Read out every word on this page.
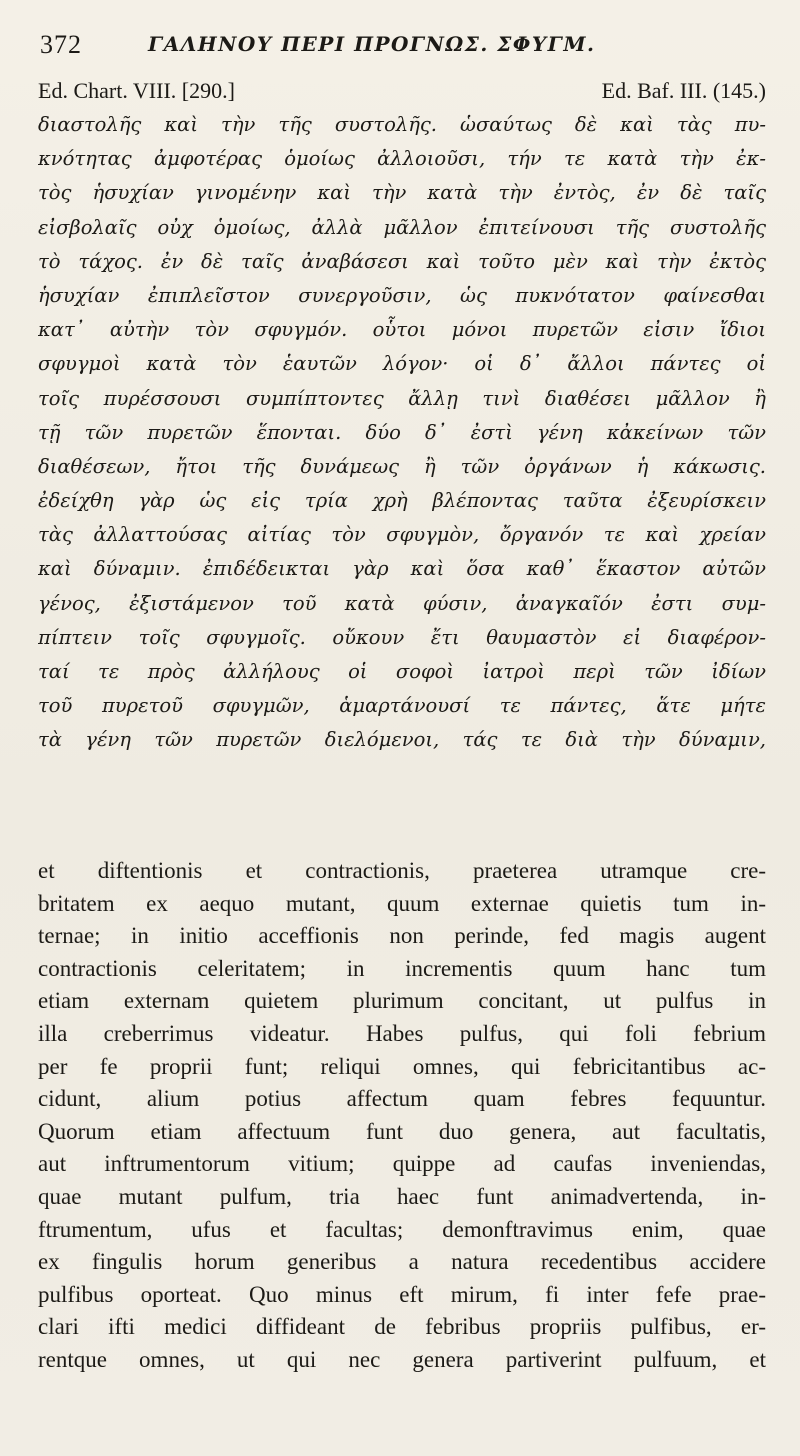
372	ΓΑΛΗΝΟΥ ΠΕΡΙ ΠΡΟΓΝΩΣ. ΣΦΥΓΜ.
Ed. Chart. VIII. [290.]	Ed. Baf. III. (145.)
διαστολῆς καὶ τὴν τῆς συστολῆς. ὡσαύτως δὲ καὶ τὰς πυ-
κνότητας ἀμφοτέρας ὁμοίως ἀλλοιοῦσι, τήν τε κατὰ τὴν ἐκ-
τὸς ἡσυχίαν γινομένην καὶ τὴν κατὰ τὴν ἐντὸς, ἐν δὲ ταῖς
εἰσβολαῖς οὐχ ὁμοίως, ἀλλὰ μᾶλλον ἐπιτείνουσι τῆς συστολῆς
τὸ τάχος. ἐν δὲ ταῖς ἀναβάσεσι καὶ τοῦτο μὲν καὶ τὴν ἐκτὸς
ἡσυχίαν ἐπιπλεῖστον συνεργοῦσιν, ὡς πυκνότατον φαίνεσθαι
κατ᾽ αὐτὴν τὸν σφυγμόν. οὗτοι μόνοι πυρετῶν εἰσιν ἴδιοι
σφυγμοὶ κατὰ τὸν ἑαυτῶν λόγον· οἱ δ᾽ ἄλλοι πάντες οἱ
τοῖς πυρέσσουσι συμπίπτοντες ἄλλῃ τινὶ διαθέσει μᾶλλον ἢ
τῇ τῶν πυρετῶν ἕπονται. δύο δ᾽ ἐστὶ γένη κἀκείνων τῶν
διαθέσεων, ἤτοι τῆς δυνάμεως ἢ τῶν ὀργάνων ἡ κάκωσις.
ἐδείχθη γὰρ ὡς εἰς τρία χρὴ βλέποντας ταῦτα ἐξευρίσκειν
τὰς ἀλλαττούσας αἰτίας τὸν σφυγμὸν, ὄργανόν τε καὶ χρείαν
καὶ δύναμιν. ἐπιδέδεικται γὰρ καὶ ὅσα καθ᾽ ἕκαστον αὐτῶν
γένος, ἐξιστάμενον τοῦ κατὰ φύσιν, ἀναγκαῖόν ἐστι συμ-
πίπτειν τοῖς σφυγμοῖς. οὔκουν ἔτι θαυμαστὸν εἰ διαφέρον-
ταί τε πρὸς ἀλλήλους οἱ σοφοὶ ἰατροὶ περὶ τῶν ἰδίων
τοῦ πυρετοῦ σφυγμῶν, ἁμαρτάνουσί τε πάντες, ἅτε μήτε
τὰ γένη τῶν πυρετῶν διελόμενοι, τάς τε διὰ τὴν δύναμιν,
et diftentionis et contractionis, praeterea utramque cre-
britatem ex aequo mutant, quum externae quietis tum in-
ternae; in initio acceffionis non perinde, fed magis augent
contractionis celeritatem; in incrementis quum hanc tum
etiam externam quietem plurimum concitant, ut pulfus in
illa creberrimus videatur. Habes pulfus, qui foli febrium
per fe proprii funt; reliqui omnes, qui febricitantibus ac-
cidunt, alium potius affectum quam febres fequuntur.
Quorum etiam affectuum funt duo genera, aut facultatis,
aut inftrumentorum vitium; quippe ad caufas inveniendas,
quae mutant pulfum, tria haec funt animadvertenda, in-
ftrumentum, ufus et facultas; demonftravimus enim, quae
ex fingulis horum generibus a natura recedentibus accidere
pulfibus oporteat. Quo minus eft mirum, fi inter fefe prae-
clari ifti medici diffideant de febribus propriis pulfibus, er-
rentque omnes, ut qui nec genera partiverint pulfuum, et
